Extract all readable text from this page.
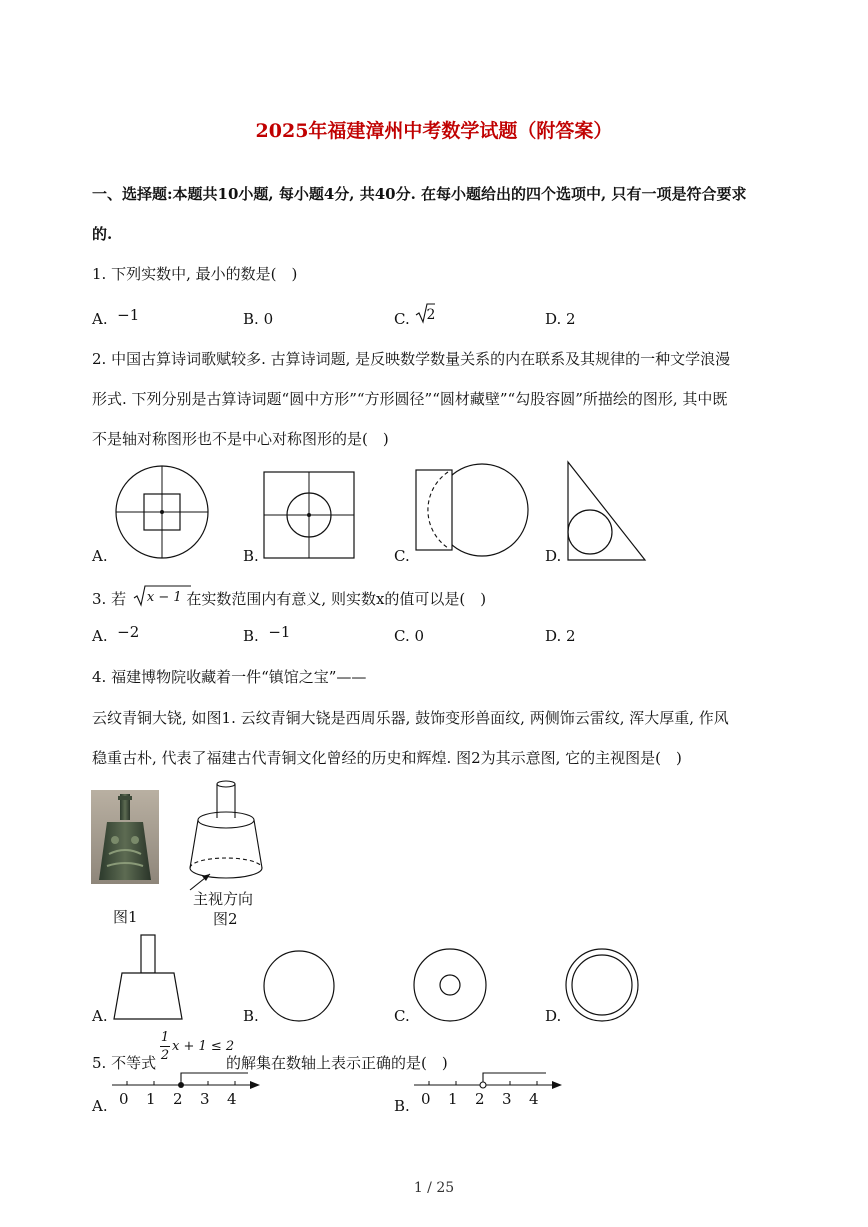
2025年福建漳州中考数学试题（附答案）
一、选择题:本题共10小题, 每小题4分, 共40分. 在每小题给出的四个选项中, 只有一项是符合要求
的.
1. 下列实数中, 最小的数是(　)
A. −1	B. 0	C. 2	D. 2
2. 中国古算诗词歌赋较多. 古算诗词题, 是反映数学数量关系的内在联系及其规律的一种文学浪漫
形式. 下列分别是古算诗词题“圆中方形”“方形圆径”“圆材藏壁”“勾股容圆”所描绘的图形, 其中既
不是轴对称图形也不是中心对称图形的是(　)
A.	B.	C.	D.
3. 若 x − 1 在实数范围内有意义, 则实数x的值可以是(　)
A. −2	B. −1	C. 0	D. 2
4. 福建博物院收藏着一件“镇馆之宝”——
云纹青铜大铙, 如图1. 云纹青铜大铙是西周乐器, 鼓饰变形兽面纹, 两侧饰云雷纹, 浑大厚重, 作风
稳重古朴, 代表了福建古代青铜文化曾经的历史和辉煌. 图2为其示意图, 它的主视图是(　)
图1
主视方向
图2
A.	B.	C.	D.
5. 不等式
1
2
x + 1 ≤ 2
的解集在数轴上表示正确的是(　)
0 1 2 3 4
A.	0 1 2 3 4
B.
1 / 25
